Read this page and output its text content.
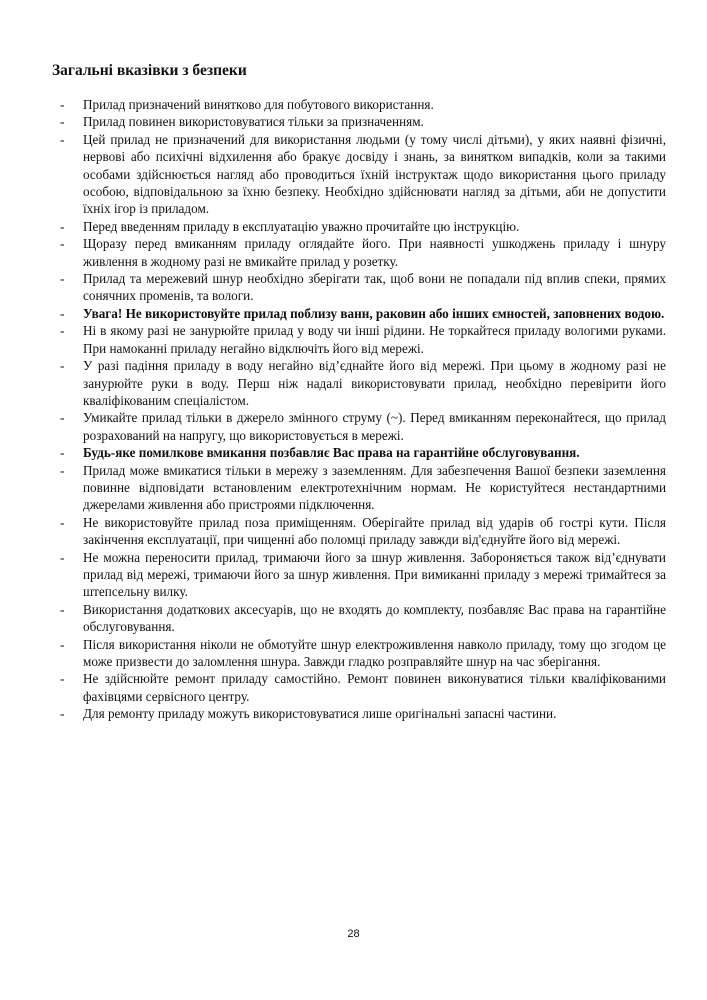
Загальні вказівки з безпеки
- Прилад призначений винятково для побутового використання.
- Прилад повинен використовуватися тільки за призначенням.
- Цей прилад не призначений для використання людьми (у тому числі дітьми), у яких наявні фізичні, нервові або психічні відхилення або бракує досвіду і знань, за винятком випадків, коли за такими особами здійснюється нагляд або проводиться їхній інструктаж щодо використання цього приладу особою, відповідальною за їхню безпеку. Необхідно здійснювати нагляд за дітьми, аби не допустити їхніх ігор із приладом.
- Перед введенням приладу в експлуатацію уважно прочитайте цю інструкцію.
- Щоразу перед вмиканням приладу оглядайте його. При наявності ушкоджень приладу і шнуру живлення в жодному разі не вмикайте прилад у розетку.
- Прилад та мережевий шнур необхідно зберігати так, щоб вони не попадали під вплив спеки, прямих сонячних променів, та вологи.
- Увага! Не використовуйте прилад поблизу ванн, раковин або інших ємностей, заповнених водою.
- Ні в якому разі не занурюйте прилад у воду чи інші рідини. Не торкайтеся приладу вологими руками. При намоканні приладу негайно відключіть його від мережі.
- У разі падіння приладу в воду негайно від’єднайте його від мережі. При цьому в жодному разі не занурюйте руки в воду. Перш ніж надалі використовувати прилад, необхідно перевірити його кваліфікованим спеціалістом.
- Умикайте прилад тільки в джерело змінного струму (~). Перед вмиканням переконайтеся, що прилад розрахований на напругу, що використовується в мережі.
- Будь-яке помилкове вмикання позбавляє Вас права на гарантійне обслуговування.
- Прилад може вмикатися тільки в мережу з заземленням. Для забезпечення Вашої безпеки заземлення повинне відповідати встановленим електротехнічним нормам. Не користуйтеся нестандартними джерелами живлення або пристроями підключення.
- Не використовуйте прилад поза приміщенням. Оберігайте прилад від ударів об гострі кути. Після закінчення експлуатації, при чищенні або поломці приладу завжди від'єднуйте його від мережі.
- Не можна переносити прилад, тримаючи його за шнур живлення. Забороняється також від’єднувати прилад від мережі, тримаючи його за шнур живлення. При вимиканні приладу з мережі тримайтеся за штепсельну вилку.
- Використання додаткових аксесуарів, що не входять до комплекту, позбавляє Вас права на гарантійне обслуговування.
- Після використання ніколи не обмотуйте шнур електроживлення навколо приладу, тому що згодом це може призвести до заломлення шнура. Завжди гладко розправляйте шнур на час зберігання.
- Не здійснюйте ремонт приладу самостійно. Ремонт повинен виконуватися тільки кваліфікованими фахівцями сервісного центру.
- Для ремонту приладу можуть використовуватися лише оригінальні запасні частини.
28
